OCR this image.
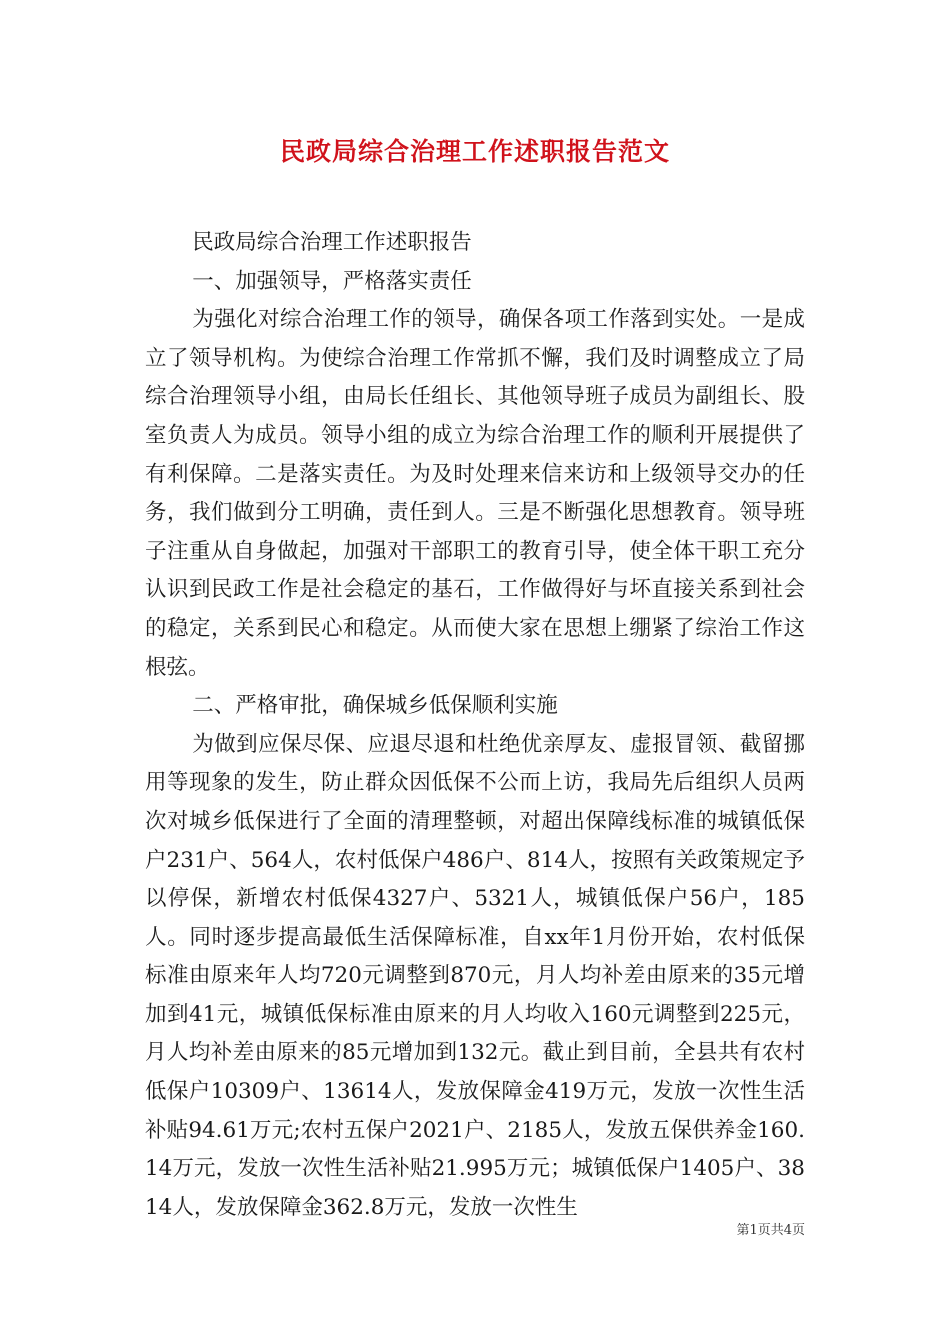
民政局综合治理工作述职报告范文

民政局综合治理工作述职报告

一、加强领导，严格落实责任

为强化对综合治理工作的领导，确保各项工作落到实处。一是成立了领导机构。为使综合治理工作常抓不懈，我们及时调整成立了局综合治理领导小组，由局长任组长、其他领导班子成员为副组长、股室负责人为成员。领导小组的成立为综合治理工作的顺利开展提供了有利保障。二是落实责任。为及时处理来信来访和上级领导交办的任务，我们做到分工明确，责任到人。三是不断强化思想教育。领导班子注重从自身做起，加强对干部职工的教育引导，使全体干职工充分认识到民政工作是社会稳定的基石，工作做得好与坏直接关系到社会的稳定，关系到民心和稳定。从而使大家在思想上绷紧了综治工作这根弦。

二、严格审批，确保城乡低保顺利实施

为做到应保尽保、应退尽退和杜绝优亲厚友、虚报冒领、截留挪用等现象的发生，防止群众因低保不公而上访，我局先后组织人员两次对城乡低保进行了全面的清理整顿，对超出保障线标准的城镇低保户231户、564人，农村低保户486户、814人，按照有关政策规定予以停保，新增农村低保4327户、5321人，城镇低保户56户，185人。同时逐步提高最低生活保障标准，自xx年1月份开始，农村低保标准由原来年人均720元调整到870元，月人均补差由原来的35元增加到41元，城镇低保标准由原来的月人均收入160元调整到225元，月人均补差由原来的85元增加到132元。截止到目前，全县共有农村低保户10309户、13614人，发放保障金419万元，发放一次性生活补贴94.61万元;农村五保户2021户、2185人，发放五保供养金160.14万元，发放一次性生活补贴21.995万元；城镇低保户1405户、3814人，发放保障金362.8万元，发放一次性生

第1页共4页
